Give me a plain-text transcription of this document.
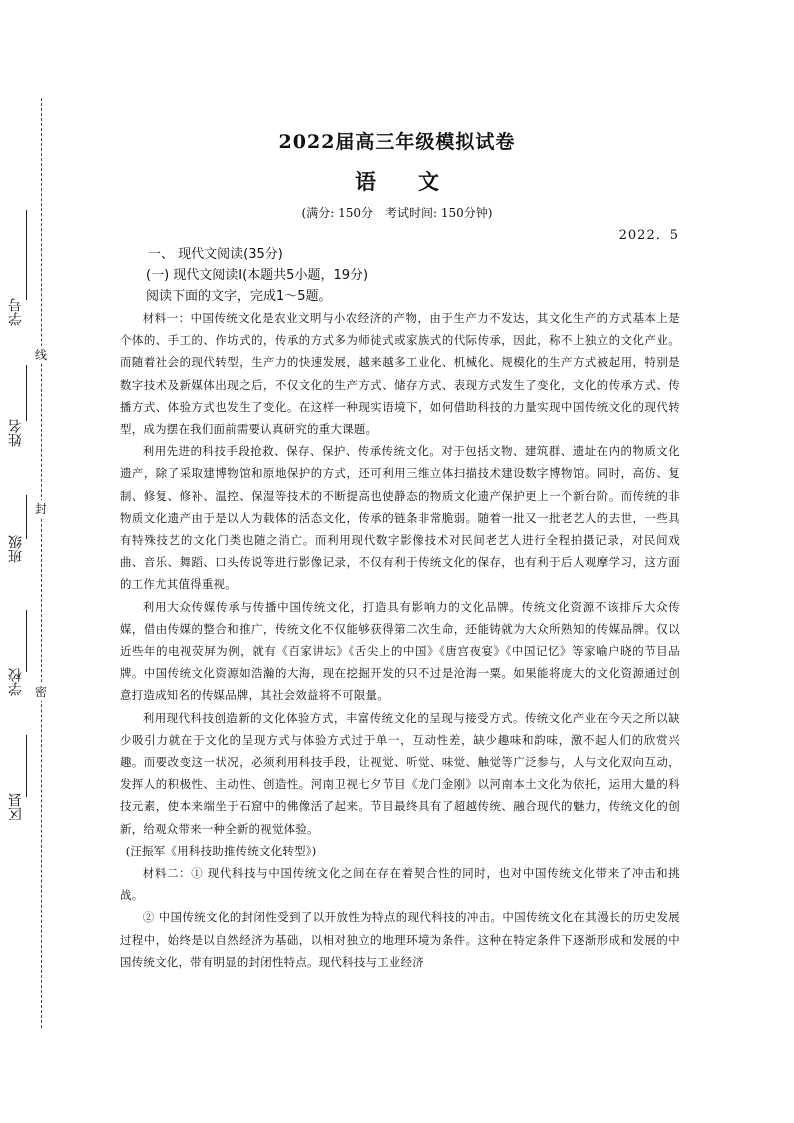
线
封
密
学号
姓名
班级
学校
区县
2022届高三年级模拟试卷
语　　文
(满分: 150分　考试时间: 150分钟)
2022．5

一、 现代文阅读(35分)

(一) 现代文阅读Ⅰ(本题共5小题，19分)

阅读下面的文字，完成1～5题。

材料一：中国传统文化是农业文明与小农经济的产物，由于生产力不发达，其文化生产的方式基本上是个体的、手工的、作坊式的，传承的方式多为师徒式或家族式的代际传承，因此，称不上独立的文化产业。而随着社会的现代转型，生产力的快速发展，越来越多工业化、机械化、规模化的生产方式被起用，特别是数字技术及新媒体出现之后，不仅文化的生产方式、储存方式、表现方式发生了变化，文化的传承方式、传播方式、体验方式也发生了变化。在这样一种现实语境下，如何借助科技的力量实现中国传统文化的现代转型，成为摆在我们面前需要认真研究的重大课题。

利用先进的科技手段抢救、保存、保护、传承传统文化。对于包括文物、建筑群、遗址在内的物质文化遗产，除了采取建博物馆和原地保护的方式，还可利用三维立体扫描技术建设数字博物馆。同时，高仿、复制、修复、修补、温控、保湿等技术的不断提高也使静态的物质文化遗产保护更上一个新台阶。而传统的非物质文化遗产由于是以人为载体的活态文化，传承的链条非常脆弱。随着一批又一批老艺人的去世，一些具有特殊技艺的文化门类也随之消亡。而利用现代数字影像技术对民间老艺人进行全程拍摄记录，对民间戏曲、音乐、舞蹈、口头传说等进行影像记录，不仅有利于传统文化的保存，也有利于后人观摩学习，这方面的工作尤其值得重视。

利用大众传媒传承与传播中国传统文化，打造具有影响力的文化品牌。传统文化资源不该排斥大众传媒，借由传媒的整合和推广，传统文化不仅能够获得第二次生命，还能铸就为大众所熟知的传媒品牌。仅以近些年的电视荧屏为例，就有《百家讲坛》《舌尖上的中国》《唐宫夜宴》《中国记忆》等家喻户晓的节目品牌。中国传统文化资源如浩瀚的大海，现在挖掘开发的只不过是沧海一粟。如果能将庞大的文化资源通过创意打造成知名的传媒品牌，其社会效益将不可限量。

利用现代科技创造新的文化体验方式，丰富传统文化的呈现与接受方式。传统文化产业在今天之所以缺少吸引力就在于文化的呈现方式与体验方式过于单一，互动性差，缺少趣味和韵味，激不起人们的欣赏兴趣。而要改变这一状况，必须利用科技手段，让视觉、听觉、味觉、触觉等广泛参与，人与文化双向互动，发挥人的积极性、主动性、创造性。河南卫视七夕节目《龙门金刚》以河南本土文化为依托，运用大量的科技元素，使本来端坐于石窟中的佛像活了起来。节目最终具有了超越传统、融合现代的魅力，传统文化的创新，给观众带来一种全新的视觉体验。

(汪振军《用科技助推传统文化转型》)

材料二：① 现代科技与中国传统文化之间在存在着契合性的同时，也对中国传统文化带来了冲击和挑战。

② 中国传统文化的封闭性受到了以开放性为特点的现代科技的冲击。中国传统文化在其漫长的历史发展过程中，始终是以自然经济为基础，以相对独立的地理环境为条件。这种在特定条件下逐渐形成和发展的中国传统文化，带有明显的封闭性特点。现代科技与工业经济
